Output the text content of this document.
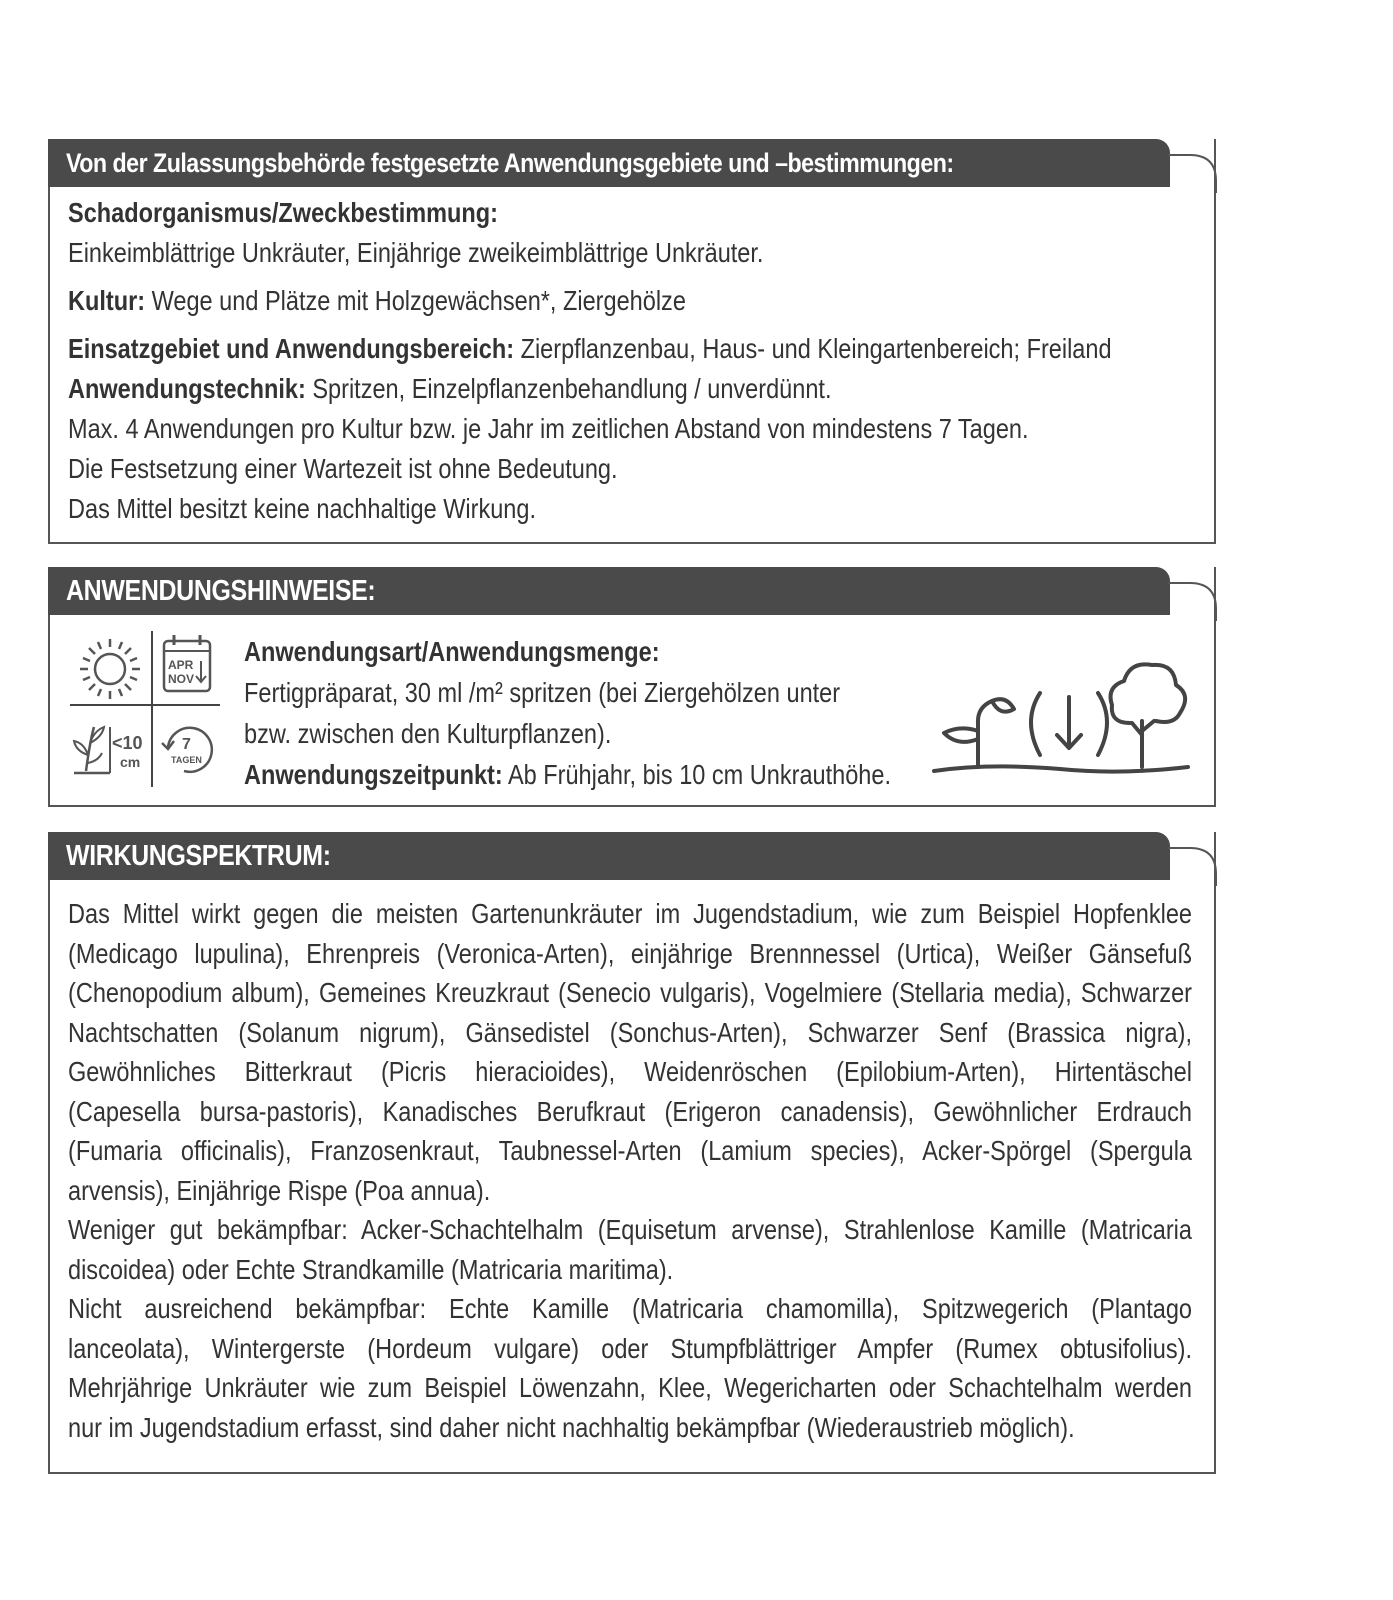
Von der Zulassungsbehörde festgesetzte Anwendungsgebiete und –bestimmungen:
Schadorganismus/Zweckbestimmung:
Einkeimblättrige Unkräuter, Einjährige zweikeimblättrige Unkräuter.
Kultur: Wege und Plätze mit Holzgewächsen*, Ziergehölze
Einsatzgebiet und Anwendungsbereich: Zierpflanzenbau, Haus- und Kleingartenbereich; Freiland
Anwendungstechnik: Spritzen, Einzelpflanzenbehandlung / unverdünnt.
Max. 4 Anwendungen pro Kultur bzw. je Jahr im zeitlichen Abstand von mindestens 7 Tagen.
Die Festsetzung einer Wartezeit ist ohne Bedeutung.
Das Mittel besitzt keine nachhaltige Wirkung.
ANWENDUNGSHINWEISE:
APR
NOV
<10
cm
7
TAGEN
Anwendungsart/Anwendungsmenge:
Fertigpräparat, 30 ml /m² spritzen (bei Ziergehölzen unter
bzw. zwischen den Kulturpflanzen).
Anwendungszeitpunkt: Ab Frühjahr, bis 10 cm Unkrauthöhe.
WIRKUNGSPEKTRUM:
Das Mittel wirkt gegen die meisten Gartenunkräuter im Jugendstadium, wie zum Beispiel Hopfenklee
(Medicago lupulina), Ehrenpreis (Veronica-Arten), einjährige Brennnessel (Urtica), Weißer Gänsefuß
(Chenopodium album), Gemeines Kreuzkraut (Senecio vulgaris), Vogelmiere (Stellaria media), Schwarzer
Nachtschatten (Solanum nigrum), Gänsedistel (Sonchus-Arten), Schwarzer Senf (Brassica nigra),
Gewöhnliches Bitterkraut (Picris hieracioides), Weidenröschen (Epilobium-Arten), Hirtentäschel
(Capesella bursa-pastoris), Kanadisches Berufkraut (Erigeron canadensis), Gewöhnlicher Erdrauch
(Fumaria officinalis), Franzosenkraut, Taubnessel-Arten (Lamium species), Acker-Spörgel (Spergula
arvensis), Einjährige Rispe (Poa annua).
Weniger gut bekämpfbar: Acker-Schachtelhalm (Equisetum arvense), Strahlenlose Kamille (Matricaria
discoidea) oder Echte Strandkamille (Matricaria maritima).
Nicht ausreichend bekämpfbar: Echte Kamille (Matricaria chamomilla), Spitzwegerich (Plantago
lanceolata), Wintergerste (Hordeum vulgare) oder Stumpfblättriger Ampfer (Rumex obtusifolius).
Mehrjährige Unkräuter wie zum Beispiel Löwenzahn, Klee, Wegericharten oder Schachtelhalm werden
nur im Jugendstadium erfasst, sind daher nicht nachhaltig bekämpfbar (Wiederaustrieb möglich).
